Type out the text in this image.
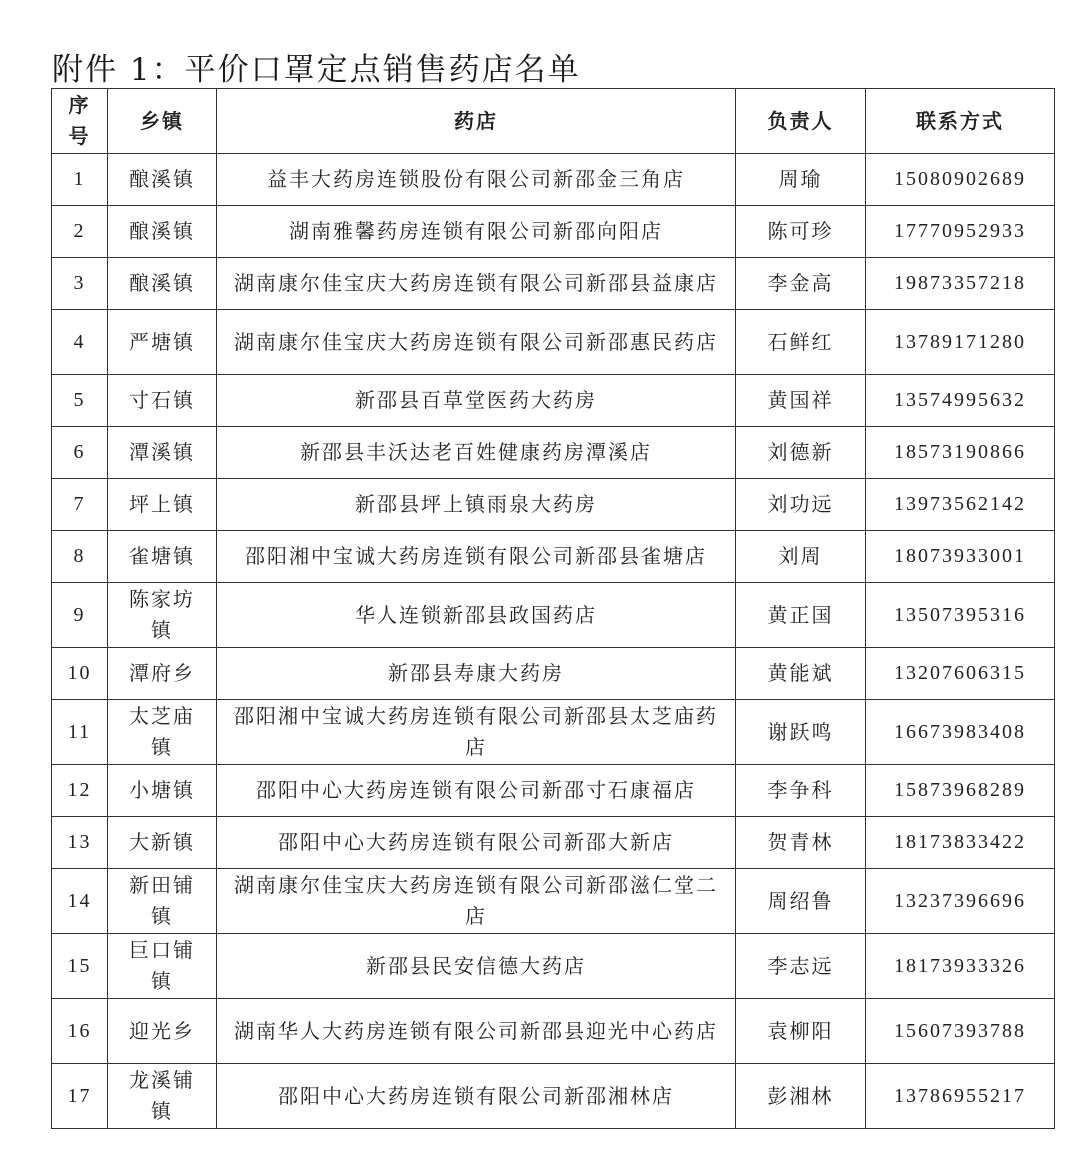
附件 1：平价口罩定点销售药店名单
序号	乡镇	药店	负责人	联系方式
1	酿溪镇	益丰大药房连锁股份有限公司新邵金三角店	周瑜	15080902689
2	酿溪镇	湖南雅馨药房连锁有限公司新邵向阳店	陈可珍	17770952933
3	酿溪镇	湖南康尔佳宝庆大药房连锁有限公司新邵县益康店	李金高	19873357218
4	严塘镇	湖南康尔佳宝庆大药房连锁有限公司新邵惠民药店	石鲜红	13789171280
5	寸石镇	新邵县百草堂医药大药房	黄国祥	13574995632
6	潭溪镇	新邵县丰沃达老百姓健康药房潭溪店	刘德新	18573190866
7	坪上镇	新邵县坪上镇雨泉大药房	刘功远	13973562142
8	雀塘镇	邵阳湘中宝诚大药房连锁有限公司新邵县雀塘店	刘周	18073933001
9	陈家坊镇	华人连锁新邵县政国药店	黄正国	13507395316
10	潭府乡	新邵县寿康大药房	黄能斌	13207606315
11	太芝庙镇	邵阳湘中宝诚大药房连锁有限公司新邵县太芝庙药店	谢跃鸣	16673983408
12	小塘镇	邵阳中心大药房连锁有限公司新邵寸石康福店	李争科	15873968289
13	大新镇	邵阳中心大药房连锁有限公司新邵大新店	贺青林	18173833422
14	新田铺镇	湖南康尔佳宝庆大药房连锁有限公司新邵滋仁堂二店	周绍鲁	13237396696
15	巨口铺镇	新邵县民安信德大药店	李志远	18173933326
16	迎光乡	湖南华人大药房连锁有限公司新邵县迎光中心药店	袁柳阳	15607393788
17	龙溪铺镇	邵阳中心大药房连锁有限公司新邵湘林店	彭湘林	13786955217
